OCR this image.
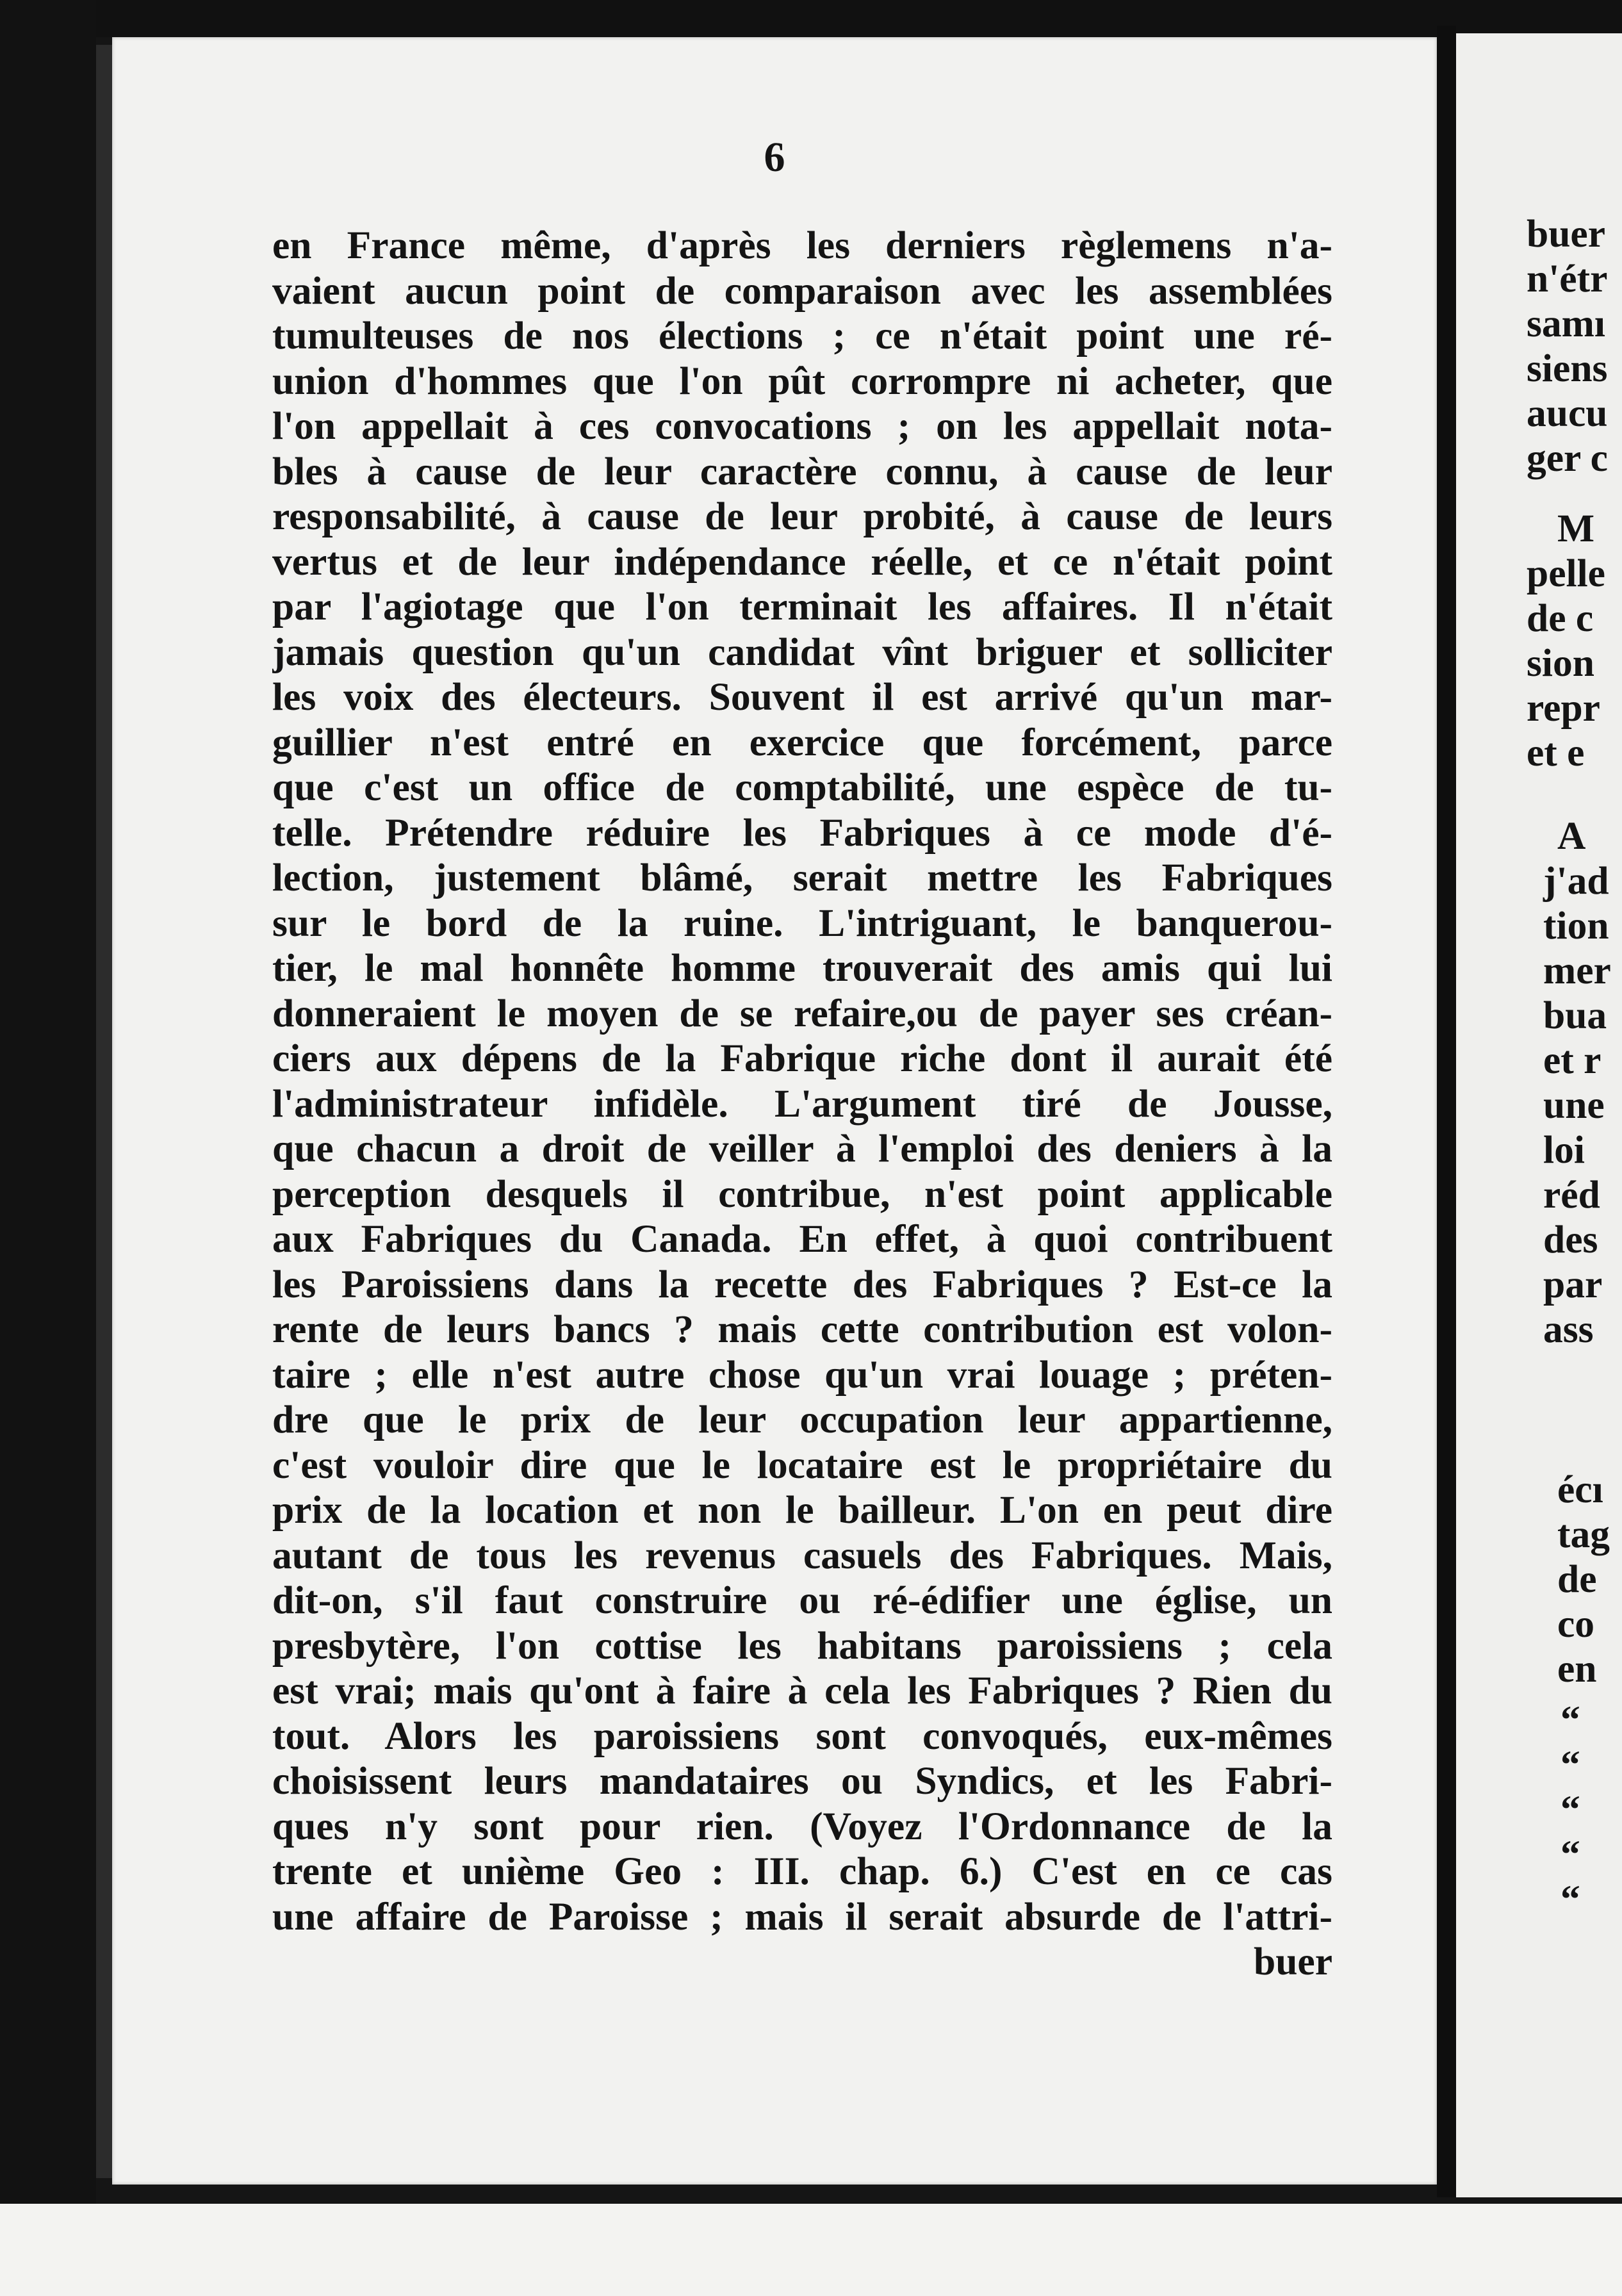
6
en France même, d'après les derniers règlemens n'a-
vaient aucun point de comparaison avec les assemblées
tumulteuses de nos élections ; ce n'était point une ré-
union d'hommes que l'on pût corrompre ni acheter, que
l'on appellait à ces convocations ; on les appellait nota-
bles à cause de leur caractère connu, à cause de leur
responsabilité, à cause de leur probité, à cause de leurs
vertus et de leur indépendance réelle, et ce n'était point
par l'agiotage que l'on terminait les affaires. Il n'était
jamais question qu'un candidat vînt briguer et solliciter
les voix des électeurs. Souvent il est arrivé qu'un mar-
guillier n'est entré en exercice que forcément, parce
que c'est un office de comptabilité, une espèce de tu-
telle. Prétendre réduire les Fabriques à ce mode d'é-
lection, justement blâmé, serait mettre les Fabriques
sur le bord de la ruine. L'intriguant, le banquerou-
tier, le mal honnête homme trouverait des amis qui lui
donneraient le moyen de se refaire,ou de payer ses créan-
ciers aux dépens de la Fabrique riche dont il aurait été
l'administrateur infidèle. L'argument tiré de Jousse,
que chacun a droit de veiller à l'emploi des deniers à la
perception desquels il contribue, n'est point applicable
aux Fabriques du Canada. En effet, à quoi contribuent
les Paroissiens dans la recette des Fabriques ? Est-ce la
rente de leurs bancs ? mais cette contribution est volon-
taire ; elle n'est autre chose qu'un vrai louage ; préten-
dre que le prix de leur occupation leur appartienne,
c'est vouloir dire que le locataire est le propriétaire du
prix de la location et non le bailleur. L'on en peut dire
autant de tous les revenus casuels des Fabriques. Mais,
dit-on, s'il faut construire ou ré-édifier une église, un
presbytère, l'on cottise les habitans paroissiens ; cela
est vrai; mais qu'ont à faire à cela les Fabriques ? Rien du
tout. Alors les paroissiens sont convoqués, eux-mêmes
choisissent leurs mandataires ou Syndics, et les Fabri-
ques n'y sont pour rien. (Voyez l'Ordonnance de la
trente et unième Geo : III. chap. 6.) C'est en ce cas
une affaire de Paroisse ; mais il serait absurde de l'attri-
buer
buer
n'étr
samı
siens
aucu
ger c
M
pelle
de c
sion
repr
et e
A
j'ad
tion
mer
bua
et r
une
loi
réd
des
par
ass
écı
tag
de
co
en
“
“
“
“
“
